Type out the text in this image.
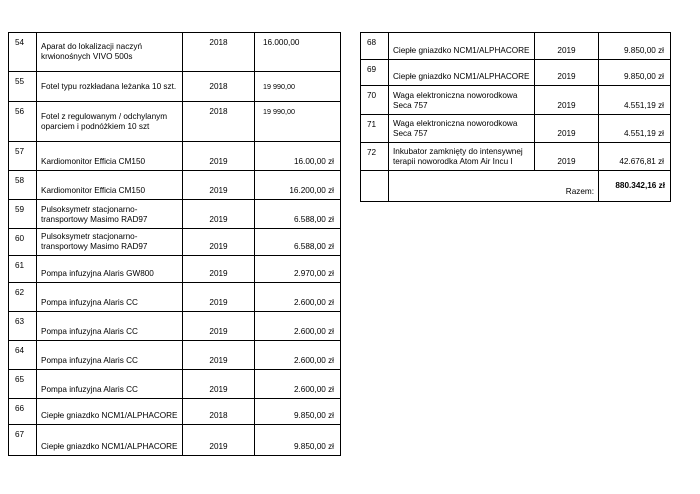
54	Aparat do lokalizacji naczyń krwionośnych VIVO 500s	2018	16.000,00
55	Fotel typu rozkładana leżanka 10 szt.	2018	19 990,00
56	Fotel z regulowanym / odchylanym oparciem i podnóżkiem 10 szt	2018	19 990,00
57	Kardiomonitor Efficia CM150	2019	16.00,00 zł
58	Kardiomonitor Efficia CM150	2019	16.200,00 zł
59	Pulsoksymetr stacjonarno-transportowy Masimo RAD97	2019	6.588,00 zł
60	Pulsoksymetr stacjonarno-transportowy Masimo RAD97	2019	6.588,00 zł
61	Pompa infuzyjna Alaris GW800	2019	2.970,00 zł
62	Pompa infuzyjna Alaris CC	2019	2.600,00 zł
63	Pompa infuzyjna Alaris CC	2019	2.600,00 zł
64	Pompa infuzyjna Alaris CC	2019	2.600,00 zł
65	Pompa infuzyjna Alaris CC	2019	2.600,00 zł
66	Ciepłe gniazdko NCM1/ALPHACORE	2018	9.850,00 zł
67	Ciepłe gniazdko NCM1/ALPHACORE	2019	9.850,00 zł
68	Ciepłe gniazdko NCM1/ALPHACORE	2019	9.850,00 zł
69	Ciepłe gniazdko NCM1/ALPHACORE	2019	9.850,00 zł
70	Waga elektroniczna noworodkowa Seca 757	2019	4.551,19 zł
71	Waga elektroniczna noworodkowa Seca 757	2019	4.551,19 zł
72	Inkubator zamknięty do intensywnej terapii noworodka Atom Air Incu I	2019	42.676,81 zł
	Razem:		880.342,16 zł
